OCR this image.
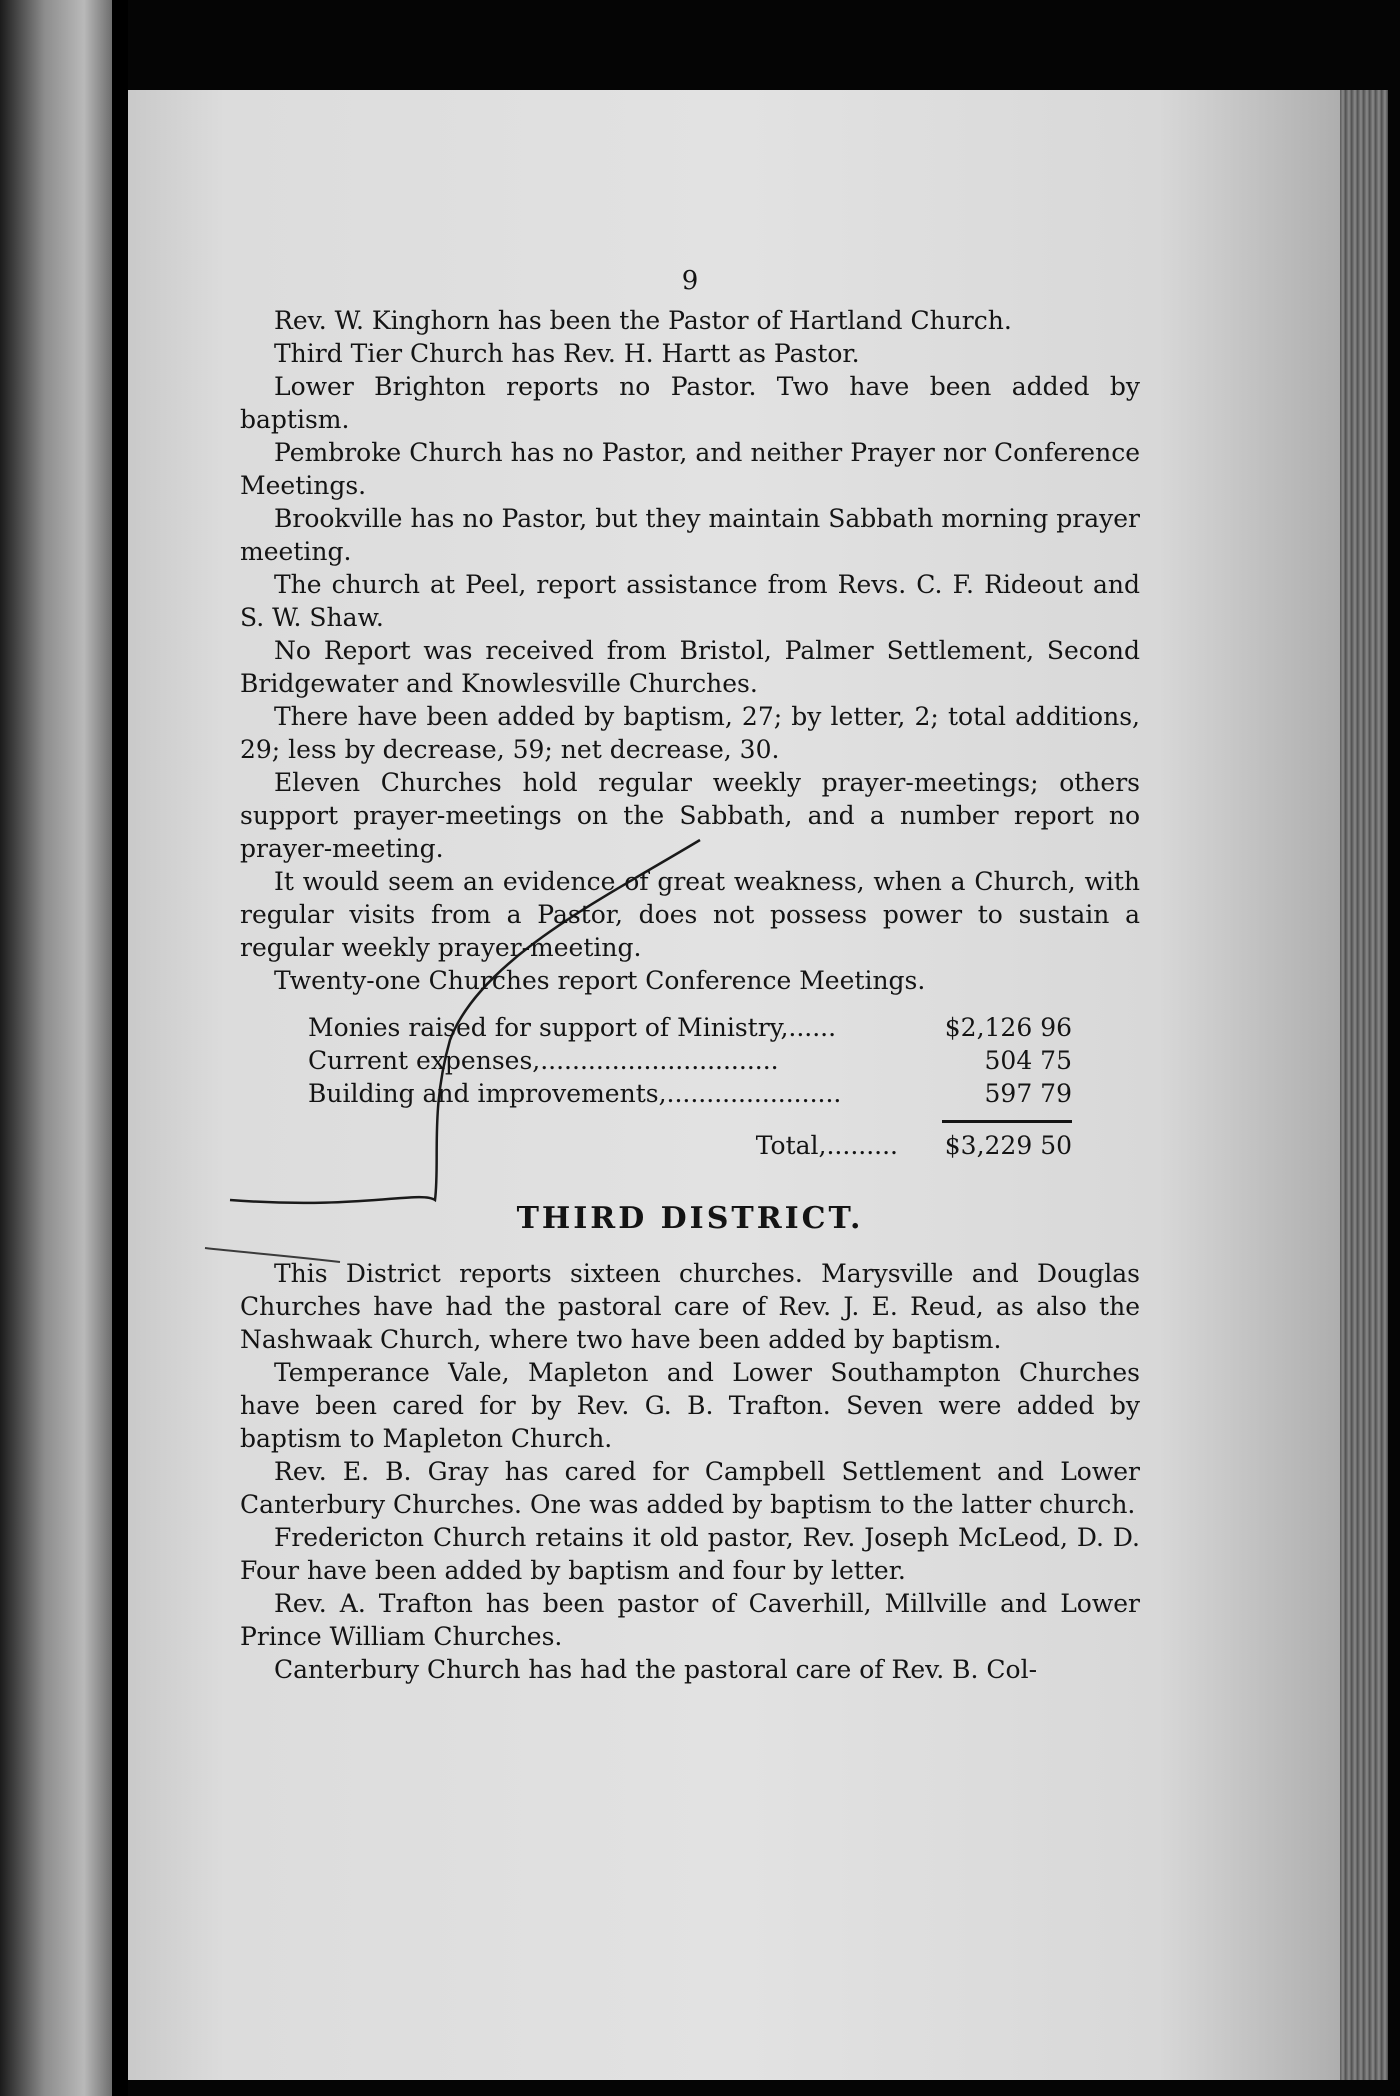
9

Rev. W. Kinghorn has been the Pastor of Hartland Church.

Third Tier Church has Rev. H. Hartt as Pastor.

Lower Brighton reports no Pastor. Two have been added by baptism.

Pembroke Church has no Pastor, and neither Prayer nor Conference Meetings.

Brookville has no Pastor, but they maintain Sabbath morning prayer meeting.

The church at Peel, report assistance from Revs. C. F. Rideout and S. W. Shaw.

No Report was received from Bristol, Palmer Settlement, Second Bridgewater and Knowlesville Churches.

There have been added by baptism, 27; by letter, 2; total additions, 29; less by decrease, 59; net decrease, 30.

Eleven Churches hold regular weekly prayer-meetings; others support prayer-meetings on the Sabbath, and a number report no prayer-meeting.

It would seem an evidence of great weakness, when a Church, with regular visits from a Pastor, does not possess power to sustain a regular weekly prayer-meeting.

Twenty-one Churches report Conference Meetings.

Monies raised for support of Ministry,......	$2,126 96
Current expenses,..............................	504 75
Building and improvements,......................	597 79
Total,.........	$3,229 50
THIRD DISTRICT.

This District reports sixteen churches. Marysville and Douglas Churches have had the pastoral care of Rev. J. E. Reud, as also the Nashwaak Church, where two have been added by baptism.

Temperance Vale, Mapleton and Lower Southampton Churches have been cared for by Rev. G. B. Trafton. Seven were added by baptism to Mapleton Church.

Rev. E. B. Gray has cared for Campbell Settlement and Lower Canterbury Churches. One was added by baptism to the latter church.

Fredericton Church retains it old pastor, Rev. Joseph McLeod, D. D. Four have been added by baptism and four by letter.

Rev. A. Trafton has been pastor of Caverhill, Millville and Lower Prince William Churches.

Canterbury Church has had the pastoral care of Rev. B. Col-
